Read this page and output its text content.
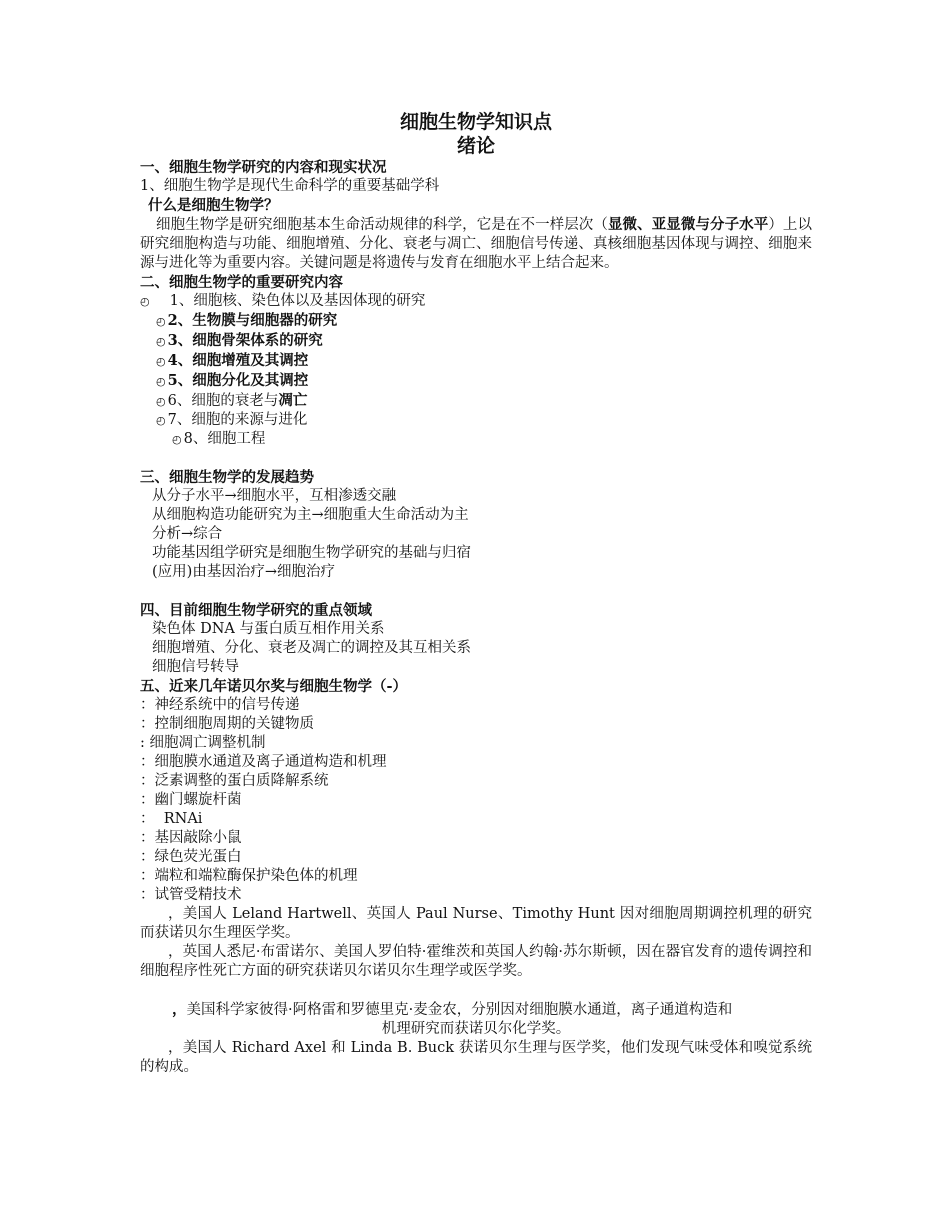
细胞生物学知识点
绪论
一、细胞生物学研究的内容和现实状况
1、细胞生物学是现代生命科学的重要基础学科
什么是细胞生物学？
细胞生物学是研究细胞基本生命活动规律的科学，它是在不一样层次（显微、亚显微与分子水平）上以研究细胞构造与功能、细胞增殖、分化、衰老与凋亡、细胞信号传递、真核细胞基因体现与调控、细胞来源与进化等为重要内容。关键问题是将遗传与发育在细胞水平上结合起来。
二、细胞生物学的重要研究内容
◴ 1、细胞核、染色体以及基因体现的研究
◴ 2、生物膜与细胞器的研究
◴ 3、细胞骨架体系的研究
◴ 4、细胞增殖及其调控
◴ 5、细胞分化及其调控
◴ 6、细胞的衰老与凋亡
◴ 7、细胞的来源与进化
◴ 8、细胞工程
三、细胞生物学的发展趋势
从分子水平→细胞水平，互相渗透交融
从细胞构造功能研究为主→细胞重大生命活动为主
分析→综合
功能基因组学研究是细胞生物学研究的基础与归宿
(应用)由基因治疗→细胞治疗
四、目前细胞生物学研究的重点领域
染色体 DNA 与蛋白质互相作用关系
细胞增殖、分化、衰老及凋亡的调控及其互相关系
细胞信号转导
五、近来几年诺贝尔奖与细胞生物学（-）
：神经系统中的信号传递
：控制细胞周期的关键物质
: 细胞凋亡调整机制
：细胞膜水通道及离子通道构造和机理
：泛素调整的蛋白质降解系统
：幽门螺旋杆菌
：  RNAi
：基因敲除小鼠
：绿色荧光蛋白
：端粒和端粒酶保护染色体的机理
：试管受精技术
，美国人 Leland Hartwell、英国人 Paul Nurse、Timothy Hunt 因对细胞周期调控机理的研究而获诺贝尔生理医学奖。
，英国人悉尼·布雷诺尔、美国人罗伯特·霍维茨和英国人约翰·苏尔斯顿，因在器官发育的遗传调控和细胞程序性死亡方面的研究获诺贝尔诺贝尔生理学或医学奖。
，美国科学家彼得·阿格雷和罗德里克·麦金农，分别因对细胞膜水通道，离子通道构造和
机理研究而获诺贝尔化学奖。
，美国人 Richard Axel 和 Linda B. Buck 获诺贝尔生理与医学奖，他们发现气味受体和嗅觉系统的构成。
